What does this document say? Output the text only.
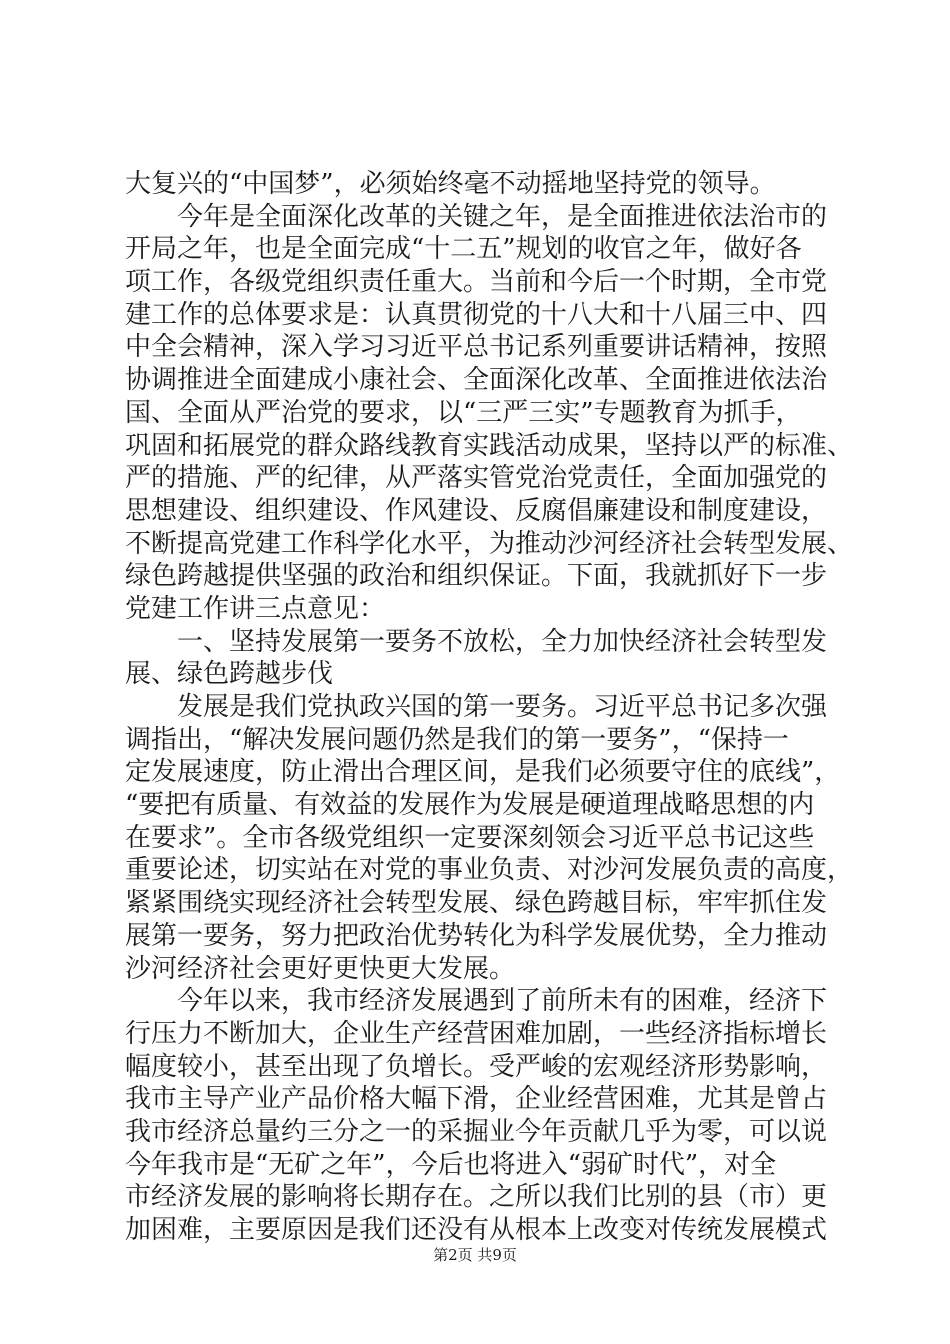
大复兴的“中国梦”，必须始终毫不动摇地坚持党的领导。
　　今年是全面深化改革的关键之年，是全面推进依法治市的
开局之年，也是全面完成“十二五”规划的收官之年，做好各
项工作，各级党组织责任重大。当前和今后一个时期，全市党
建工作的总体要求是：认真贯彻党的十八大和十八届三中、四
中全会精神，深入学习习近平总书记系列重要讲话精神，按照
协调推进全面建成小康社会、全面深化改革、全面推进依法治
国、全面从严治党的要求，以“三严三实”专题教育为抓手，
巩固和拓展党的群众路线教育实践活动成果，坚持以严的标准、
严的措施、严的纪律，从严落实管党治党责任，全面加强党的
思想建设、组织建设、作风建设、反腐倡廉建设和制度建设，
不断提高党建工作科学化水平，为推动沙河经济社会转型发展、
绿色跨越提供坚强的政治和组织保证。下面，我就抓好下一步
党建工作讲三点意见：
　　一、坚持发展第一要务不放松，全力加快经济社会转型发
展、绿色跨越步伐
　　发展是我们党执政兴国的第一要务。习近平总书记多次强
调指出，“解决发展问题仍然是我们的第一要务”，“保持一
定发展速度，防止滑出合理区间，是我们必须要守住的底线”，
“要把有质量、有效益的发展作为发展是硬道理战略思想的内
在要求”。全市各级党组织一定要深刻领会习近平总书记这些
重要论述，切实站在对党的事业负责、对沙河发展负责的高度，
紧紧围绕实现经济社会转型发展、绿色跨越目标，牢牢抓住发
展第一要务，努力把政治优势转化为科学发展优势，全力推动
沙河经济社会更好更快更大发展。
　　今年以来，我市经济发展遇到了前所未有的困难，经济下
行压力不断加大，企业生产经营困难加剧，一些经济指标增长
幅度较小，甚至出现了负增长。受严峻的宏观经济形势影响，
我市主导产业产品价格大幅下滑，企业经营困难，尤其是曾占
我市经济总量约三分之一的采掘业今年贡献几乎为零，可以说
今年我市是“无矿之年”，今后也将进入“弱矿时代”，对全
市经济发展的影响将长期存在。之所以我们比别的县（市）更
加困难，主要原因是我们还没有从根本上改变对传统发展模式
第2页 共9页
